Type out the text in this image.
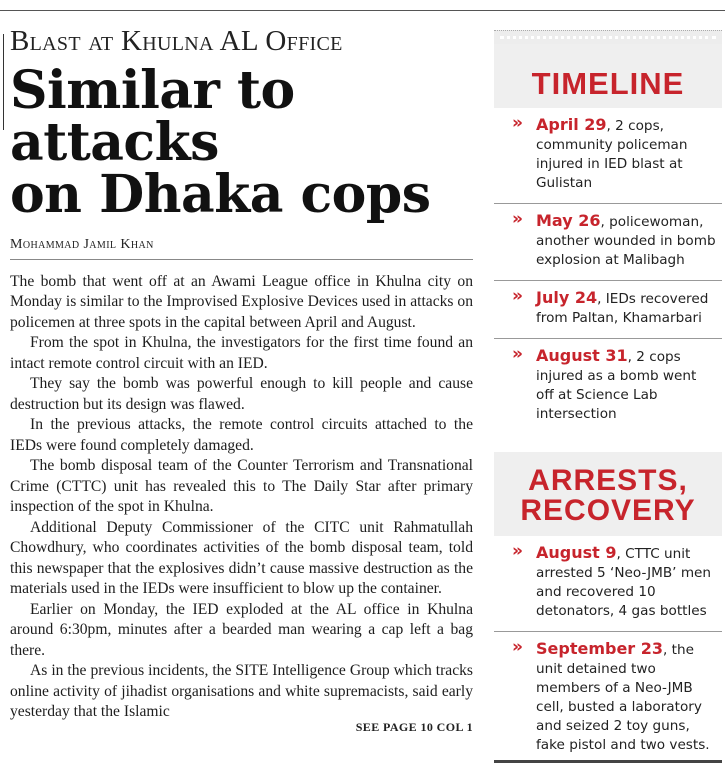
Blast at Khulna AL Office
Similar to attacks
on Dhaka cops
Mohammad Jamil Khan

The bomb that went off at an Awami League office in Khulna city on Monday is similar to the Improvised Explosive Devices used in attacks on policemen at three spots in the capital between April and August.

From the spot in Khulna, the investigators for the first time found an intact remote control circuit with an IED.

They say the bomb was powerful enough to kill people and cause destruction but its design was flawed.

In the previous attacks, the remote control circuits attached to the IEDs were found completely damaged.

The bomb disposal team of the Counter Terrorism and Transnational Crime (CTTC) unit has revealed this to The Daily Star after primary inspection of the spot in Khulna.

Additional Deputy Commissioner of the CITC unit Rahmatullah Chowdhury, who coordinates activities of the bomb disposal team, told this newspaper that the explosives didn’t cause massive destruction as the materials used in the IEDs were insufficient to blow up the container.

Earlier on Monday, the IED exploded at the AL office in Khulna around 6:30pm, minutes after a bearded man wearing a cap left a bag there.

As in the previous incidents, the SITE Intelligence Group which tracks online activity of jihadist organisations and white supremacists, said early yesterday that the Islamic

SEE PAGE 10 COL 1
TIMELINE
» April 29, 2 cops, community policeman injured in IED blast at Gulistan
» May 26, policewoman, another wounded in bomb explosion at Malibagh
» July 24, IEDs recovered from Paltan, Khamarbari
» August 31, 2 cops injured as a bomb went off at Science Lab intersection
ARRESTS,
RECOVERY
» August 9, CTTC unit arrested 5 ‘Neo-JMB’ men and recovered 10 detonators, 4 gas bottles
» September 23, the unit detained two members of a Neo-JMB cell, busted a laboratory and seized 2 toy guns, fake pistol and two vests.
